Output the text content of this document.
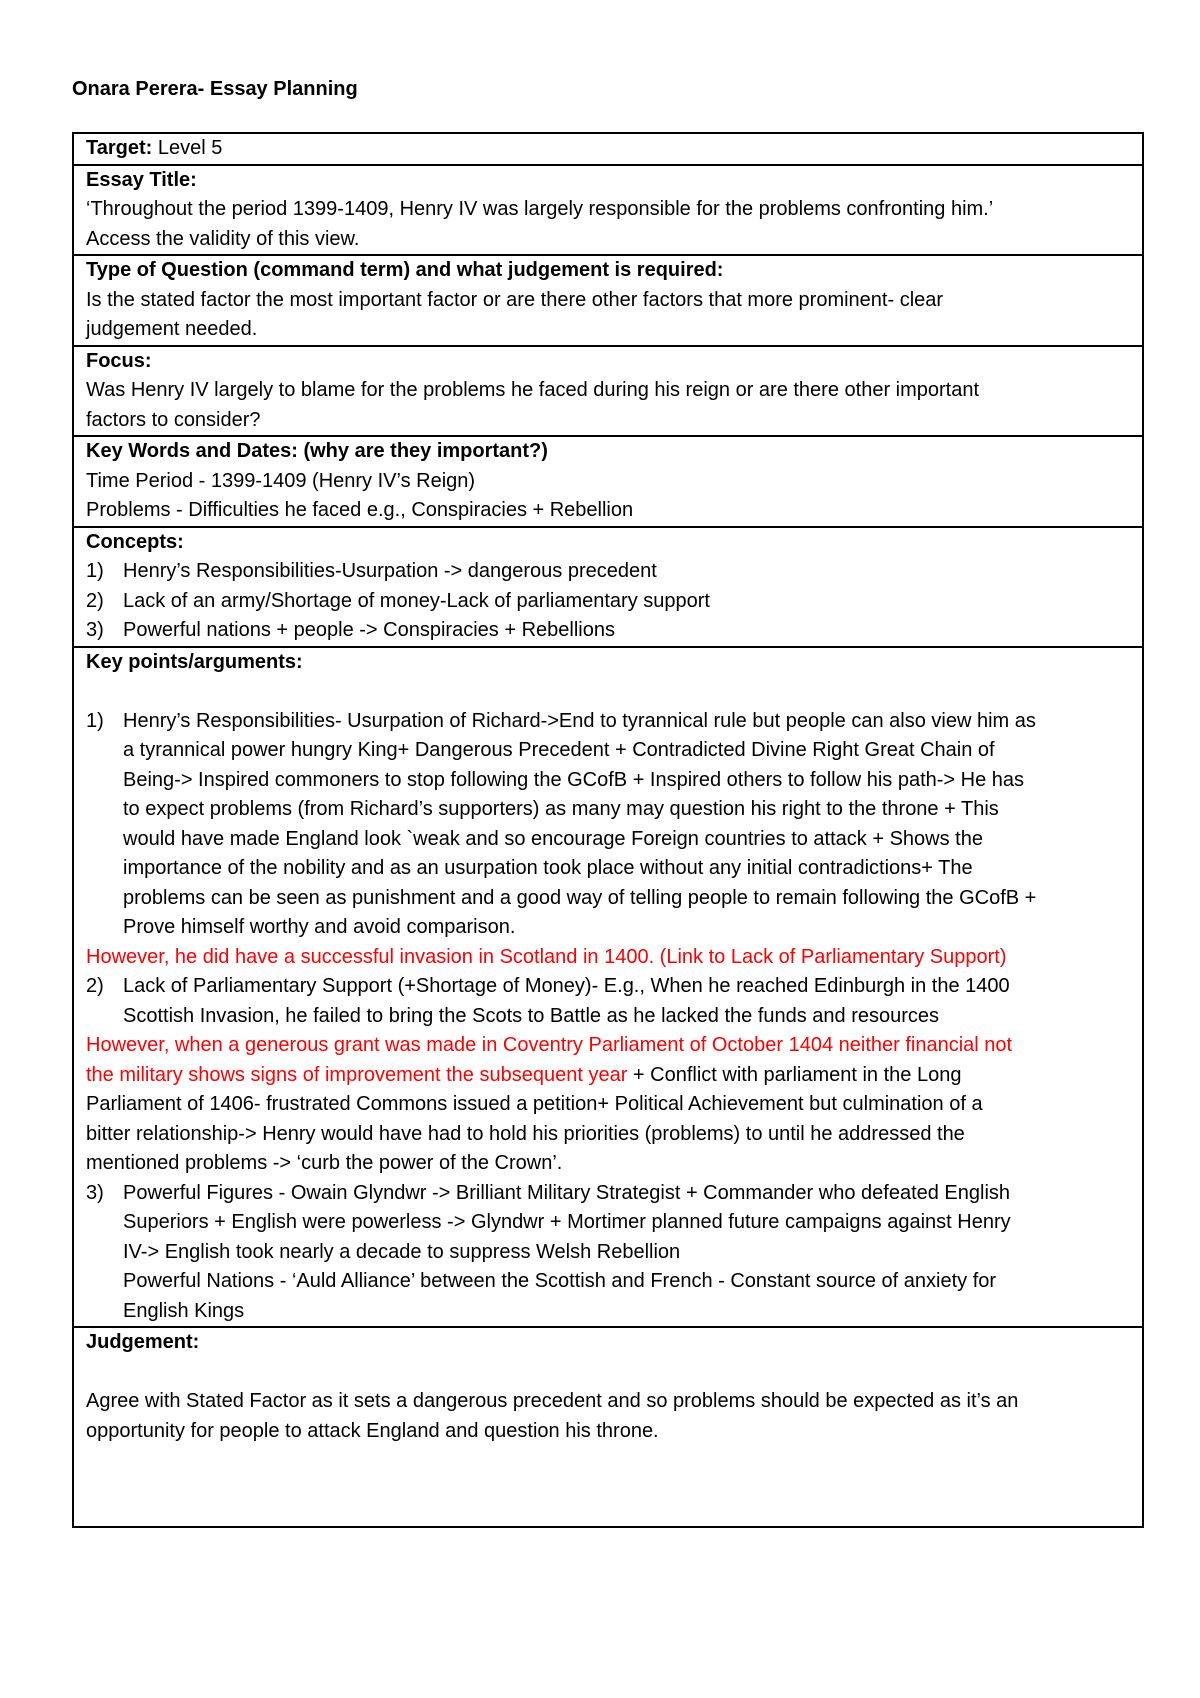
Onara Perera- Essay Planning
Target: Level 5
Essay Title:
‘Throughout the period 1399-1409, Henry IV was largely responsible for the problems confronting him.’
Access the validity of this view.
Type of Question (command term) and what judgement is required:
Is the stated factor the most important factor or are there other factors that more prominent- clear
judgement needed.
Focus:
Was Henry IV largely to blame for the problems he faced during his reign or are there other important
factors to consider?
Key Words and Dates: (why are they important?)
Time Period - 1399-1409 (Henry IV’s Reign)
Problems - Difficulties he faced e.g., Conspiracies + Rebellion
Concepts:
1) Henry’s Responsibilities-Usurpation -> dangerous precedent
2) Lack of an army/Shortage of money-Lack of parliamentary support
3) Powerful nations + people -> Conspiracies + Rebellions
Key points/arguments:
1) Henry’s Responsibilities- Usurpation of Richard->End to tyrannical rule but people can also view him as
a tyrannical power hungry King+ Dangerous Precedent + Contradicted Divine Right Great Chain of
Being-> Inspired commoners to stop following the GCofB + Inspired others to follow his path-> He has
to expect problems (from Richard’s supporters) as many may question his right to the throne + This
would have made England look `weak and so encourage Foreign countries to attack + Shows the
importance of the nobility and as an usurpation took place without any initial contradictions+ The
problems can be seen as punishment and a good way of telling people to remain following the GCofB +
Prove himself worthy and avoid comparison.
However, he did have a successful invasion in Scotland in 1400. (Link to Lack of Parliamentary Support)
2) Lack of Parliamentary Support (+Shortage of Money)- E.g., When he reached Edinburgh in the 1400
Scottish Invasion, he failed to bring the Scots to Battle as he lacked the funds and resources
However, when a generous grant was made in Coventry Parliament of October 1404 neither financial not
the military shows signs of improvement the subsequent year + Conflict with parliament in the Long
Parliament of 1406- frustrated Commons issued a petition+ Political Achievement but culmination of a
bitter relationship-> Henry would have had to hold his priorities (problems) to until he addressed the
mentioned problems -> ‘curb the power of the Crown’.
3) Powerful Figures - Owain Glyndwr -> Brilliant Military Strategist + Commander who defeated English
Superiors + English were powerless -> Glyndwr + Mortimer planned future campaigns against Henry
IV-> English took nearly a decade to suppress Welsh Rebellion
Powerful Nations - ‘Auld Alliance’ between the Scottish and French - Constant source of anxiety for
English Kings
Judgement:
Agree with Stated Factor as it sets a dangerous precedent and so problems should be expected as it’s an
opportunity for people to attack England and question his throne.
